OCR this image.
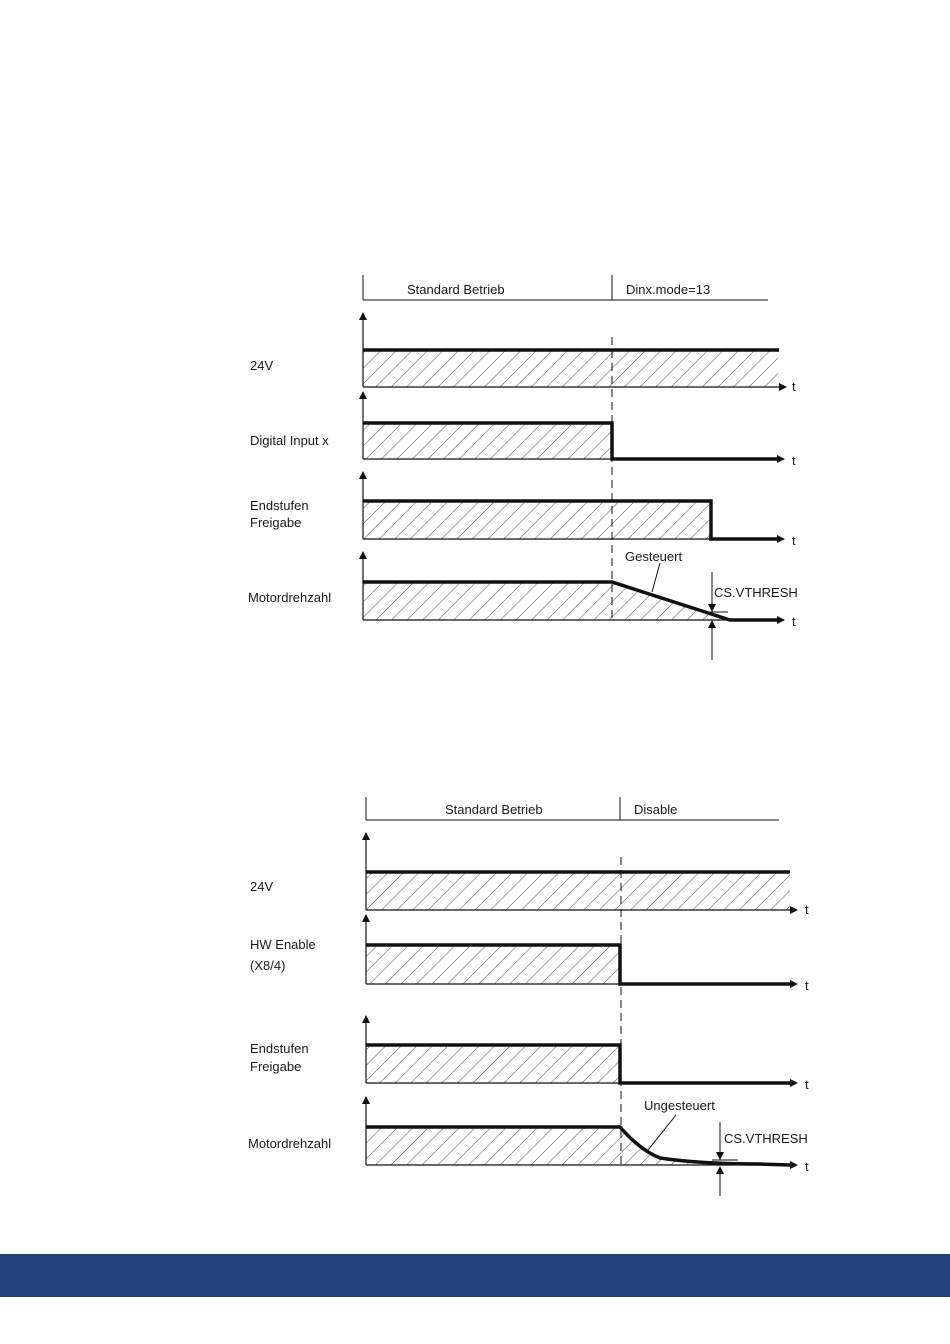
Standard Betrieb	Dinx.mode=13
24V
t
Digital Input x
t
Endstufen
Freigabe
t
Gesteuert
CS.VTHRESH
Motordrehzahl
t
Standard Betrieb	Disable
24V
t
HW Enable
(X8/4)
t
Endstufen
Freigabe
t
Ungesteuert
CS.VTHRESH
Motordrehzahl
t
